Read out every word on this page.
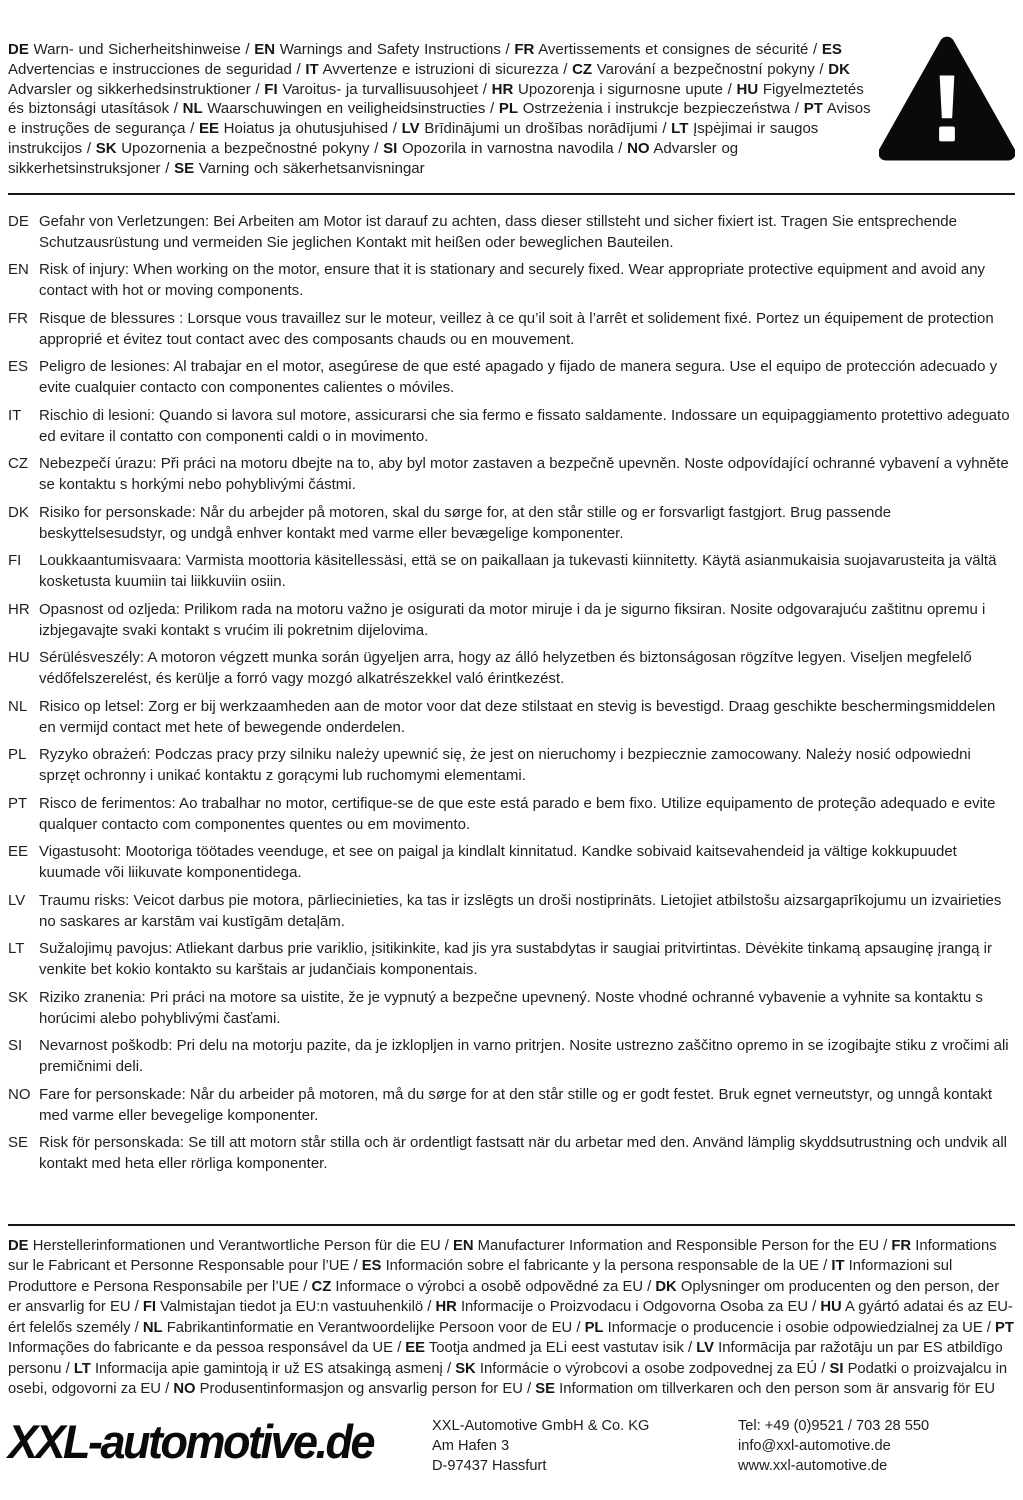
DE Warn- und Sicherheitshinweise / EN Warnings and Safety Instructions / FR Avertissements et consignes de sécurité / ES Advertencias e instrucciones de seguridad / IT Avvertenze e istruzioni di sicurezza / CZ Varování a bezpečnostní pokyny / DK Advarsler og sikkerhedsinstruktioner / FI Varoitus- ja turvallisuusohjeet / HR Upozorenja i sigurnosne upute / HU Figyelmeztetés és biztonsági utasítások / NL Waarschuwingen en veiligheidsinstructies / PL Ostrzeżenia i instrukcje bezpieczeństwa / PT Avisos e instruções de segurança / EE Hoiatus ja ohutusjuhised / LV Brīdinājumi un drošības norādījumi / LT Įspėjimai ir saugos instrukcijos / SK Upozornenia a bezpečnostné pokyny / SI Opozorila in varnostna navodila / NO Advarsler og sikkerhetsinstruksjoner / SE Varning och säkerhetsanvisningar

DE Gefahr von Verletzungen: Bei Arbeiten am Motor ist darauf zu achten, dass dieser stillsteht und sicher fixiert ist. Tragen Sie entsprechende Schutzausrüstung und vermeiden Sie jeglichen Kontakt mit heißen oder beweglichen Bauteilen.
EN Risk of injury: When working on the motor, ensure that it is stationary and securely fixed. Wear appropriate protective equipment and avoid any contact with hot or moving components.
FR Risque de blessures : Lorsque vous travaillez sur le moteur, veillez à ce qu’il soit à l’arrêt et solidement fixé. Portez un équipement de protection approprié et évitez tout contact avec des composants chauds ou en mouvement.
ES Peligro de lesiones: Al trabajar en el motor, asegúrese de que esté apagado y fijado de manera segura. Use el equipo de protección adecuado y evite cualquier contacto con componentes calientes o móviles.
IT	Rischio di lesioni: Quando si lavora sul motore, assicurarsi che sia fermo e fissato saldamente. Indossare un equipaggiamento protettivo adeguato ed evitare il contatto con componenti caldi o in movimento.
CZ Nebezpečí úrazu: Při práci na motoru dbejte na to, aby byl motor zastaven a bezpečně upevněn. Noste odpovídající ochranné vybavení a vyhněte se kontaktu s horkými nebo pohyblivými částmi.
DK Risiko for personskade: Når du arbejder på motoren, skal du sørge for, at den står stille og er forsvarligt fastgjort. Brug passende beskyttelsesudstyr, og undgå enhver kontakt med varme eller bevægelige komponenter.
FI	Loukkaantumisvaara: Varmista moottoria käsitellessäsi, että se on paikallaan ja tukevasti kiinnitetty. Käytä asianmukaisia suojavarusteita ja vältä kosketusta kuumiin tai liikkuviin osiin.
HR Opasnost od ozljeda: Prilikom rada na motoru važno je osigurati da motor miruje i da je sigurno fiksiran. Nosite odgovarajuću zaštitnu opremu i izbjegavajte svaki kontakt s vrućim ili pokretnim dijelovima.
HU Sérülésveszély: A motoron végzett munka során ügyeljen arra, hogy az álló helyzetben és biztonságosan rögzítve legyen. Viseljen megfelelő védőfelszerelést, és kerülje a forró vagy mozgó alkatrészekkel való érintkezést.
NL Risico op letsel: Zorg er bij werkzaamheden aan de motor voor dat deze stilstaat en stevig is bevestigd. Draag geschikte beschermingsmiddelen en vermijd contact met hete of bewegende onderdelen.
PL Ryzyko obrażeń: Podczas pracy przy silniku należy upewnić się, że jest on nieruchomy i bezpiecznie zamocowany. Należy nosić odpowiedni sprzęt ochronny i unikać kontaktu z gorącymi lub ruchomymi elementami.
PT Risco de ferimentos: Ao trabalhar no motor, certifique-se de que este está parado e bem fixo. Utilize equipamento de proteção adequado e evite qualquer contacto com componentes quentes ou em movimento.
EE Vigastusoht: Mootoriga töötades veenduge, et see on paigal ja kindlalt kinnitatud. Kandke sobivaid kaitsevahendeid ja vältige kokkupuudet kuumade või liikuvate komponentidega.
LV Traumu risks: Veicot darbus pie motora, pārliecinieties, ka tas ir izslēgts un droši nostiprināts. Lietojiet atbilstošu aizsargaprīkojumu un izvairieties no saskares ar karstām vai kustīgām detaļām.
LT Sužalojimų pavojus: Atliekant darbus prie variklio, įsitikinkite, kad jis yra sustabdytas ir saugiai pritvirtintas. Dėvėkite tinkamą apsauginę įrangą ir venkite bet kokio kontakto su karštais ar judančiais komponentais.
SK Riziko zranenia: Pri práci na motore sa uistite, že je vypnutý a bezpečne upevnený. Noste vhodné ochranné vybavenie a vyhnite sa kontaktu s horúcimi alebo pohyblivými časťami.
SI	Nevarnost poškodb: Pri delu na motorju pazite, da je izklopljen in varno pritrjen. Nosite ustrezno zaščitno opremo in se izogibajte stiku z vročimi ali premičnimi deli.
NO Fare for personskade: Når du arbeider på motoren, må du sørge for at den står stille og er godt festet. Bruk egnet verneutstyr, og unngå kontakt med varme eller bevegelige komponenter.
SE Risk för personskada: Se till att motorn står stilla och är ordentligt fastsatt när du arbetar med den. Använd lämplig skyddsutrustning och undvik all kontakt med heta eller rörliga komponenter.

DE Herstellerinformationen und Verantwortliche Person für die EU / EN Manufacturer Information and Responsible Person for the EU / FR Informations sur le Fabricant et Personne Responsable pour l’UE / ES Información sobre el fabricante y la persona responsable de la UE / IT Informazioni sul Produttore e Persona Responsabile per l’UE / CZ Informace o výrobci a osobě odpovědné za EU / DK Oplysninger om producenten og den person, der er ansvarlig for EU / FI Valmistajan tiedot ja EU:n vastuuhenkilö / HR Informacije o Proizvodacu i Odgovorna Osoba za EU / HU A gyártó adatai és az EU-ért felelős személy / NL Fabrikantinformatie en Verantwoordelijke Persoon voor de EU / PL Informacje o producencie i osobie odpowiedzialnej za UE / PT Informações do fabricante e da pessoa responsável da UE / EE Tootja andmed ja ELi eest vastutav isik / LV Informācija par ražotāju un par ES atbildīgo personu / LT Informacija apie gamintoją ir už ES atsakingą asmenį / SK Informácie o výrobcovi a osobe zodpovednej za EÚ / SI Podatki o proizvajalcu in osebi, odgovorni za EU / NO Produsentinformasjon og ansvarlig person for EU / SE Information om tillverkaren och den person som är ansvarig för EU

XXL-automotive.de	XXL-Automotive GmbH & Co. KG
Am Hafen 3
D-97437 Hassfurt
Tel: +49 (0)9521 / 703 28 550
info@xxl-automotive.de
www.xxl-automotive.de
